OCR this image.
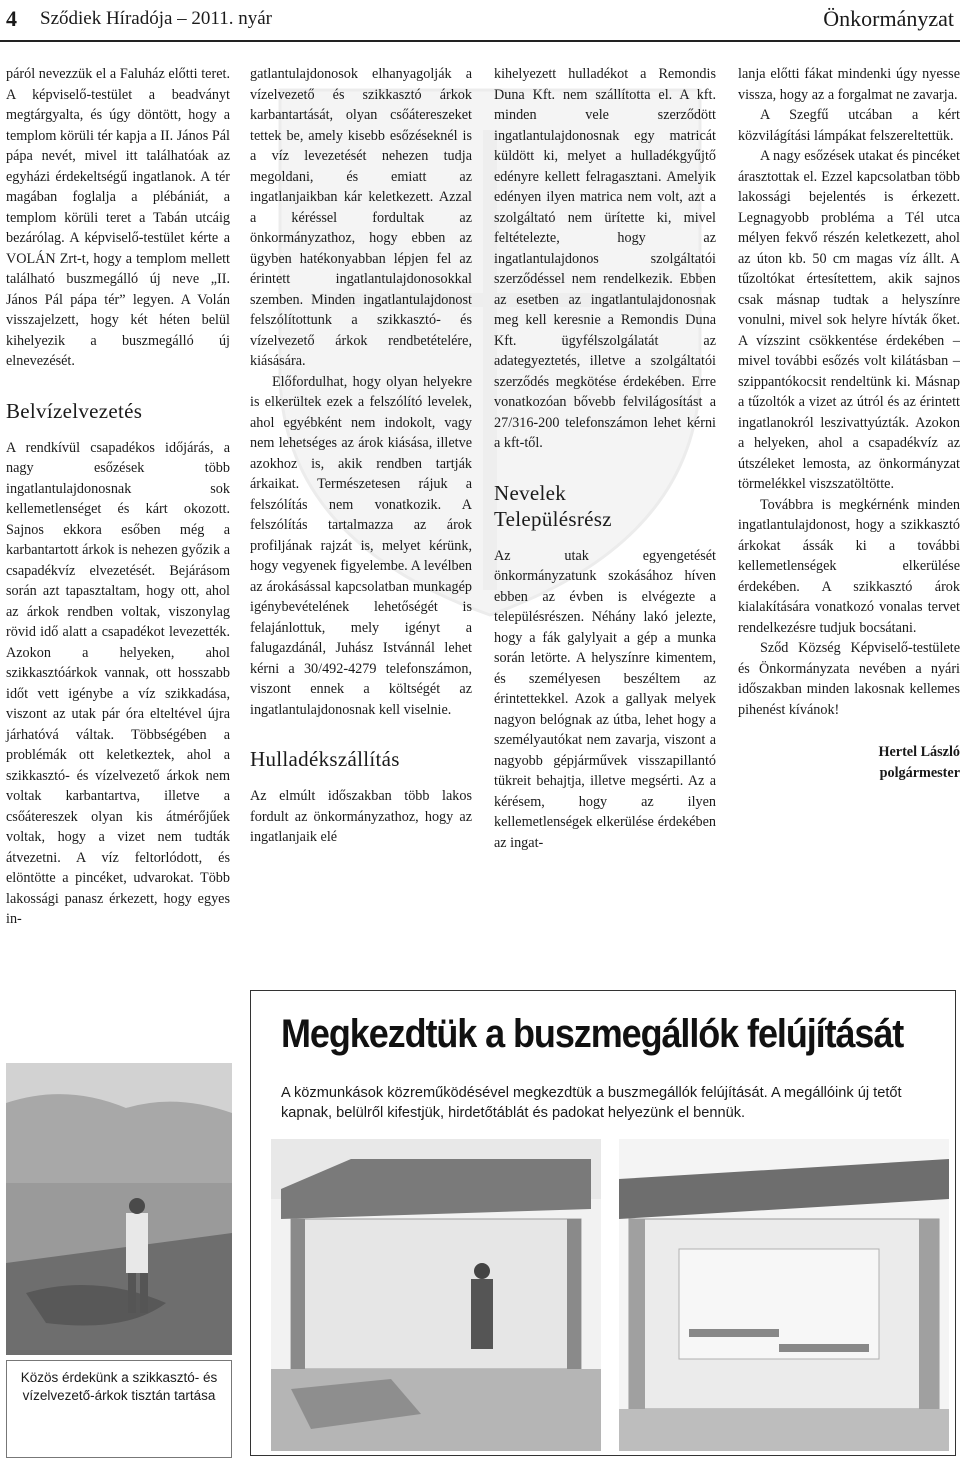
4 Sződiek Híradója – 2011. nyár	Önkormányzat

páról nevezzük el a Faluház előtti teret. A képviselő-testület a beadványt megtárgyalta, és úgy döntött, hogy a templom körüli tér kapja a II. János Pál pápa nevét, mivel itt találhatóak az egyházi érdekeltségű ingatlanok. A tér magában foglalja a plébániát, a templom körüli teret a Tabán utcáig bezárólag. A képviselő-testület kérte a VOLÁN Zrt-t, hogy a templom mellett található buszmegálló új neve „II. János Pál pápa tér” legyen. A Volán visszajelzett, hogy két héten belül kihelyezik a buszmegálló új elnevezését.

Belvízelvezetés

A rendkívül csapadékos időjárás, a nagy esőzések több ingatlantulajdonosnak sok kellemetlenséget és kárt okozott. Sajnos ekkora esőben még a karbantartott árkok is nehezen győzik a csapadékvíz elvezetését. Bejárásom során azt tapasztaltam, hogy ott, ahol az árkok rendben voltak, viszonylag rövid idő alatt a csapadékot levezették. Azokon a helyeken, ahol szikkasztóárkok vannak, ott hosszabb időt vett igénybe a víz szikkadása, viszont az utak pár óra elteltével újra járhatóvá váltak. Többségében a problémák ott keletkeztek, ahol a szikkasztó- és vízelvezető árkok nem voltak karbantartva, illetve a csőátereszek olyan kis átmérőjűek voltak, hogy a vizet nem tudták átvezetni. A víz feltorlódott, és elöntötte a pincéket, udvarokat. Több lakossági panasz érkezett, hogy egyes in-

gatlantulajdonosok elhanyagolják a vízelvezető és szikkasztó árkok karbantartását, olyan csőátereszeket tettek be, amely kisebb esőzéseknél is a víz levezetését nehezen tudja megoldani, és emiatt az ingatlanjaikban kár keletkezett. Azzal a kéréssel fordultak az önkormányzathoz, hogy ebben az ügyben hatékonyabban lépjen fel az érintett ingatlantulajdonosokkal szemben. Minden ingatlantulajdonost felszólítottunk a szikkasztó- és vízelvezető árkok rendbetételére, kiásására.

Előfordulhat, hogy olyan helyekre is elkerültek ezek a felszólító levelek, ahol egyébként nem indokolt, vagy nem lehetséges az árok kiásása, illetve azokhoz is, akik rendben tartják árkaikat. Természetesen rájuk a felszólítás nem vonatkozik. A felszólítás tartalmazza az árok profiljának rajzát is, melyet kérünk, hogy vegyenek figyelembe. A levélben az árokásással kapcsolatban munkagép igénybevételének lehetőségét is felajánlottuk, mely igényt a falugazdánál, Juhász Istvánnál lehet kérni a 30/492-4279 telefonszámon, viszont ennek a költségét az ingatlantulajdonosnak kell viselnie.

Hulladékszállítás

Az elmúlt időszakban több lakos fordult az önkormányzathoz, hogy az ingatlanjaik elé

kihelyezett hulladékot a Remondis Duna Kft. nem szállította el. A kft. minden vele szerződött ingatlantulajdonosnak egy matricát küldött ki, melyet a hulladékgyűjtő edényre kellett felragasztani. Amelyik edényen ilyen matrica nem volt, azt a szolgáltató nem ürítette ki, mivel feltételezte, hogy az ingatlantulajdonos szolgáltatói szerződéssel nem rendelkezik. Ebben az esetben az ingatlantulajdonosnak meg kell keresnie a Remondis Duna Kft. ügyfélszolgálatát az adategyeztetés, illetve a szolgáltatói szerződés megkötése érdekében. Erre vonatkozóan bővebb felvilágosítást a 27/316-200 telefonszámon lehet kérni a kft-től.

Nevelek Településrész

Az utak egyengetését önkormányzatunk szokásához híven ebben az évben is elvégezte a településrészen. Néhány lakó jelezte, hogy a fák galylyait a gép a munka során letörte. A helyszínre kimentem, és személyesen beszéltem az érintettekkel. Azok a gallyak melyek nagyon belógnak az útba, lehet hogy a személyautókat nem zavarja, viszont a nagyobb gépjárművek visszapillantó tükreit behajtja, illetve megsérti. Az a kérésem, hogy az ilyen kellemetlenségek elkerülése érdekében az ingat-

lanja előtti fákat mindenki úgy nyesse vissza, hogy az a forgalmat ne zavarja.

A Szegfű utcában a kért közvilágítási lámpákat felszereltettük.

A nagy esőzések utakat és pincéket árasztottak el. Ezzel kapcsolatban több lakossági bejelentés is érkezett. Legnagyobb probléma a Tél utca mélyen fekvő részén keletkezett, ahol az úton kb. 50 cm magas víz állt. A tűzoltókat értesítettem, akik sajnos csak másnap tudtak a helyszínre vonulni, mivel sok helyre hívták őket. A vízszint csökkentése érdekében – mivel további esőzés volt kilátásban – szippantókocsit rendeltünk ki. Másnap a tűzoltók a vizet az útról és az érintett ingatlanokról leszivattyúzták. Azokon a helyeken, ahol a csapadékvíz az útszéleket lemosta, az önkormányzat törmelékkel viszszatöltötte.

Továbbra is megkérnénk minden ingatlantulajdonost, hogy a szikkasztó árkokat ássák ki a további kellemetlenségek elkerülése érdekében. A szikkasztó árok kialakítására vonatkozó vonalas tervet rendelkezésre tudjuk bocsátani.

Sződ Község Képviselő-testülete és Önkormányzata nevében a nyári időszakban minden lakosnak kellemes pihenést kívánok!

Hertel László
polgármester

Közös érdekünk a szikkasztó- és vízelvezető-árkok tisztán tartása
Megkezdtük a buszmegállók felújítását
A közmunkások közreműködésével megkezdtük a buszmegállók felújítását. A megállóink új tetőt kapnak, belülről kifestjük, hirdetőtáblát és padokat helyezünk el bennük.
